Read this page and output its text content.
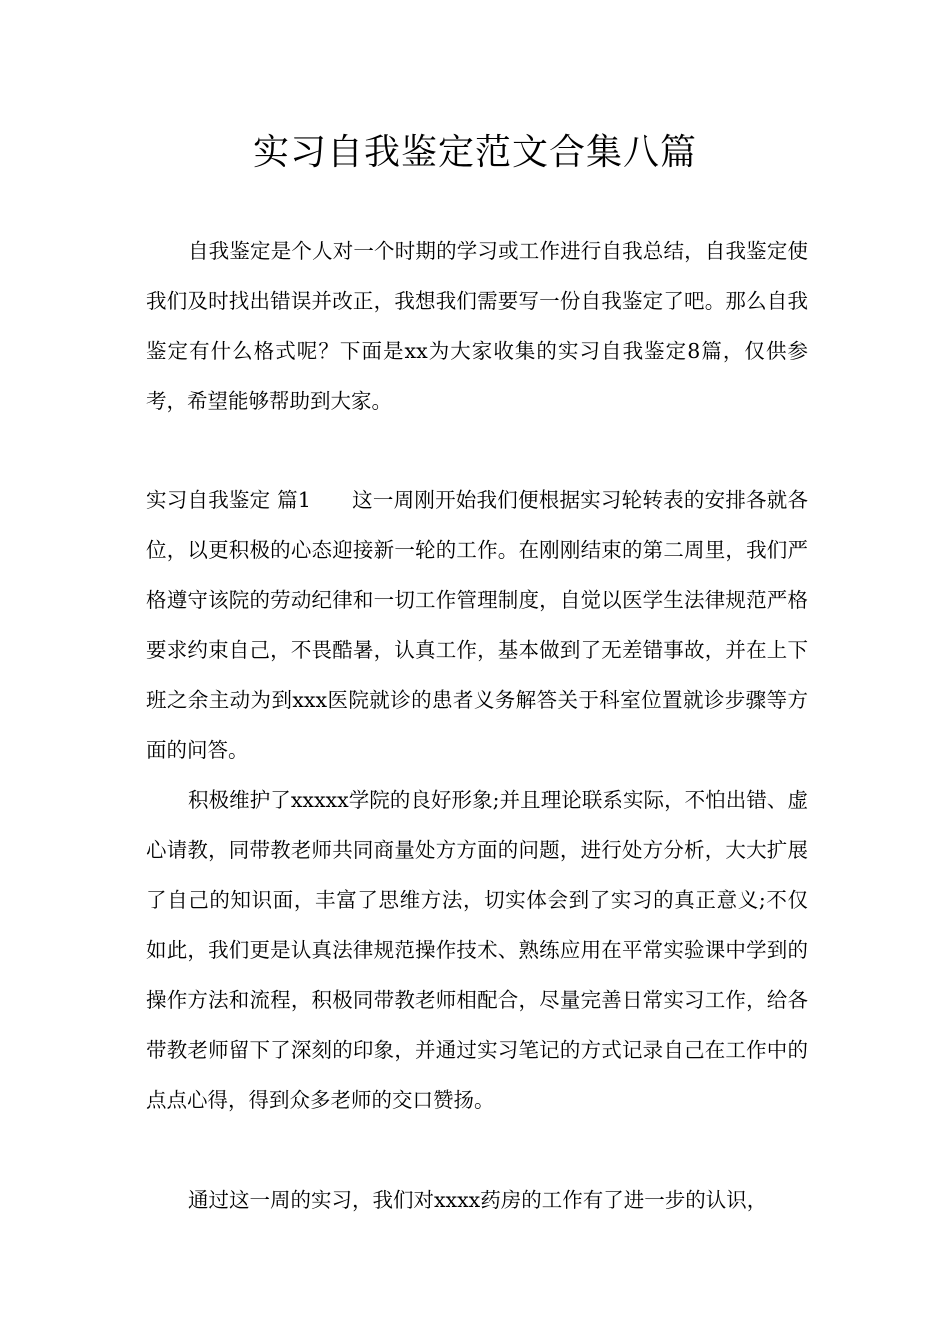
实习自我鉴定范文合集八篇

自我鉴定是个人对一个时期的学习或工作进行自我总结，自我鉴定使我们及时找出错误并改正，我想我们需要写一份自我鉴定了吧。那么自我鉴定有什么格式呢？下面是xx为大家收集的实习自我鉴定8篇，仅供参考，希望能够帮助到大家。

实习自我鉴定 篇1   这一周刚开始我们便根据实习轮转表的安排各就各位，以更积极的心态迎接新一轮的工作。在刚刚结束的第二周里，我们严格遵守该院的劳动纪律和一切工作管理制度，自觉以医学生法律规范严格要求约束自己，不畏酷暑，认真工作，基本做到了无差错事故，并在上下班之余主动为到xxx医院就诊的患者义务解答关于科室位置就诊步骤等方面的问答。

积极维护了xxxxx学院的良好形象;并且理论联系实际，不怕出错、虚心请教，同带教老师共同商量处方方面的问题，进行处方分析，大大扩展了自己的知识面，丰富了思维方法，切实体会到了实习的真正意义;不仅如此，我们更是认真法律规范操作技术、熟练应用在平常实验课中学到的操作方法和流程，积极同带教老师相配合，尽量完善日常实习工作，给各带教老师留下了深刻的印象，并通过实习笔记的方式记录自己在工作中的点点心得，得到众多老师的交口赞扬。

通过这一周的实习，我们对xxxx药房的工作有了进一步的认识，
